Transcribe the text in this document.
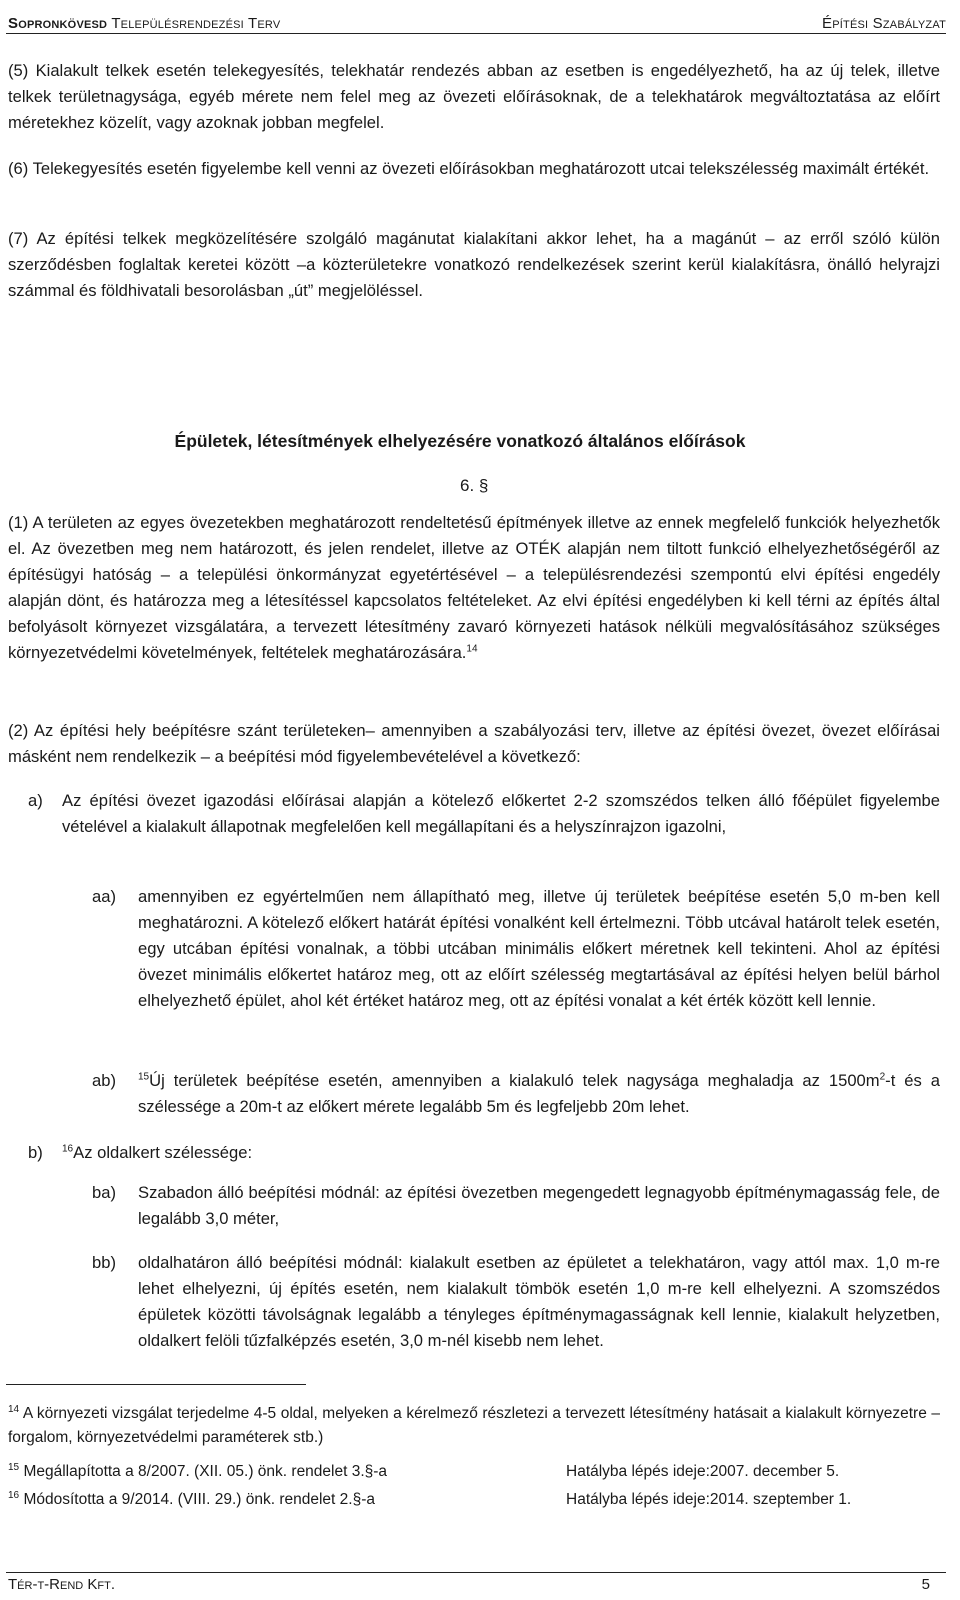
Sopronkövesd Településrendezési Terv	Építési Szabályzat

(5) Kialakult telkek esetén telekegyesítés, telekhatár rendezés abban az esetben is engedélyezhető, ha az új telek, illetve telkek területnagysága, egyéb mérete nem felel meg az övezeti előírásoknak, de a telekhatárok megváltoztatása az előírt méretekhez közelít, vagy azoknak jobban megfelel.

(6) Telekegyesítés esetén figyelembe kell venni az övezeti előírásokban meghatározott utcai telekszélesség maximált értékét.

(7) Az építési telkek megközelítésére szolgáló magánutat kialakítani akkor lehet, ha a magánút – az erről szóló külön szerződésben foglaltak keretei között –a közterületekre vonatkozó rendelkezések szerint kerül kialakításra, önálló helyrajzi számmal és földhivatali besorolásban „út” megjelöléssel.

Épületek, létesítmények elhelyezésére vonatkozó általános előírások

6. §

(1) A területen az egyes övezetekben meghatározott rendeltetésű építmények illetve az ennek megfelelő funkciók helyezhetők el. Az övezetben meg nem határozott, és jelen rendelet, illetve az OTÉK alapján nem tiltott funkció elhelyezhetőségéről az építésügyi hatóság – a települési önkormányzat egyetértésével – a településrendezési szempontú elvi építési engedély alapján dönt, és határozza meg a létesítéssel kapcsolatos feltételeket. Az elvi építési engedélyben ki kell térni az építés által befolyásolt környezet vizsgálatára, a tervezett létesítmény zavaró környezeti hatások nélküli megvalósításához szükséges környezetvédelmi követelmények, feltételek meghatározására.$^{14}$

(2) Az építési hely beépítésre szánt területeken– amennyiben a szabályozási terv, illetve az építési övezet, övezet előírásai másként nem rendelkezik – a beépítési mód figyelembevételével a következő:

a)	Az építési övezet igazodási előírásai alapján a kötelező előkertet 2-2 szomszédos telken álló főépület figyelembe vételével a kialakult állapotnak megfelelően kell megállapítani és a helyszínrajzon igazolni,
aa)	amennyiben ez egyértelműen nem állapítható meg, illetve új területek beépítése esetén 5,0 m-ben kell meghatározni. A kötelező előkert határát építési vonalként kell értelmezni. Több utcával határolt telek esetén, egy utcában építési vonalnak, a többi utcában minimális előkert méretnek kell tekinteni. Ahol az építési övezet minimális előkertet határoz meg, ott az előírt szélesség megtartásával az építési helyen belül bárhol elhelyezhető épület, ahol két értéket határoz meg, ott az építési vonalat a két érték között kell lennie.
ab)	$^{15}$Új területek beépítése esetén, amennyiben a kialakuló telek nagysága meghaladja az $1500m^2-t$ és a szélessége a 20m-t az előkert mérete legalább 5m és legfeljebb 20m lehet.
b)	$^{16}$Az oldalkert szélessége:
ba)	Szabadon álló beépítési módnál: az építési övezetben megengedett legnagyobb építménymagasság fele, de legalább 3,0 méter,
bb)	oldalhatáron álló beépítési módnál: kialakult esetben az épületet a telekhatáron, vagy attól max. 1,0 m-re lehet elhelyezni, új építés esetén, nem kialakult tömbök esetén 1,0 m-re kell elhelyezni. A szomszédos épületek közötti távolságnak legalább a tényleges építménymagasságnak kell lennie, kialakult helyzetben, oldalkert felöli tűzfalképzés esetén, 3,0 m-nél kisebb nem lehet.

$^{14}$ A környezeti vizsgálat terjedelme 4-5 oldal, melyeken a kérelmező részletezi a tervezett létesítmény hatásait a kialakult környezetre – forgalom, környezetvédelmi paraméterek stb.)

$^{15}$ Megállapította a 8/2007. (XII. 05.) önk. rendelet 3.§-a	Hatályba lépés ideje:2007. december 5.

$^{16}$ Módosította a 9/2014. (VIII. 29.) önk. rendelet 2.§-a	Hatályba lépés ideje:2014. szeptember 1.

Tér-t-Rend Kft.	5
